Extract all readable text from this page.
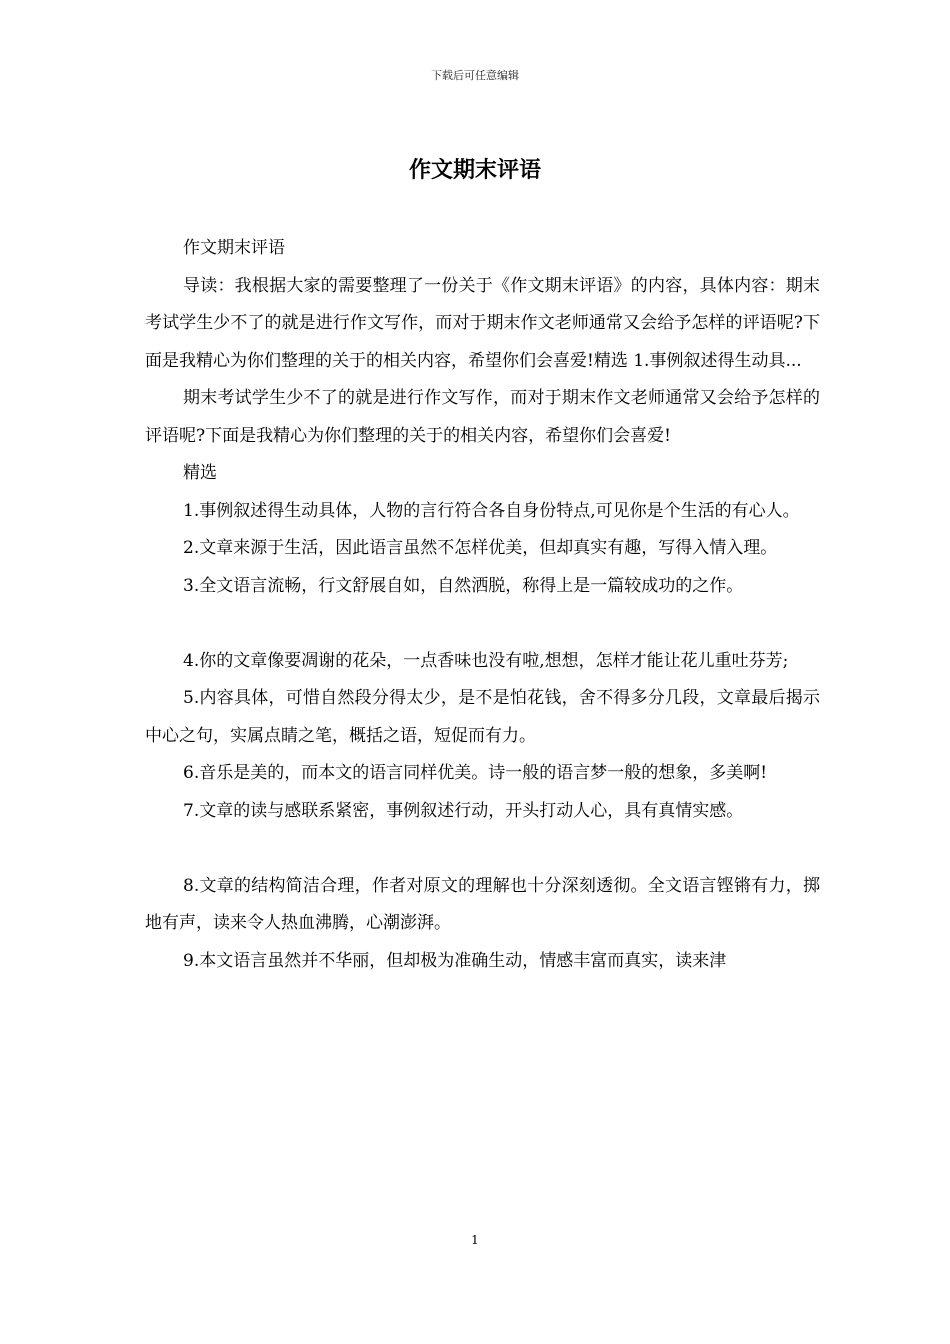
下载后可任意编辑
作文期末评语

作文期末评语

导读：我根据大家的需要整理了一份关于《作文期末评语》的内容，具体内容：期末考试学生少不了的就是进行作文写作，而对于期末作文老师通常又会给予怎样的评语呢?下面是我精心为你们整理的关于的相关内容，希望你们会喜爱!精选 1.事例叙述得生动具...

期末考试学生少不了的就是进行作文写作，而对于期末作文老师通常又会给予怎样的评语呢?下面是我精心为你们整理的关于的相关内容，希望你们会喜爱!

精选

1.事例叙述得生动具体，人物的言行符合各自身份特点,可见你是个生活的有心人。

2.文章来源于生活，因此语言虽然不怎样优美，但却真实有趣，写得入情入理。

3.全文语言流畅，行文舒展自如，自然洒脱，称得上是一篇较成功的之作。

4.你的文章像要凋谢的花朵，一点香味也没有啦,想想，怎样才能让花儿重吐芬芳;

5.内容具体，可惜自然段分得太少，是不是怕花钱，舍不得多分几段，文章最后揭示中心之句，实属点睛之笔，概括之语，短促而有力。

6.音乐是美的，而本文的语言同样优美。诗一般的语言梦一般的想象，多美啊!

7.文章的读与感联系紧密，事例叙述行动，开头打动人心，具有真情实感。

8.文章的结构简洁合理，作者对原文的理解也十分深刻透彻。全文语言铿锵有力，掷地有声，读来令人热血沸腾，心潮澎湃。

9.本文语言虽然并不华丽，但却极为准确生动，情感丰富而真实，读来津

1
